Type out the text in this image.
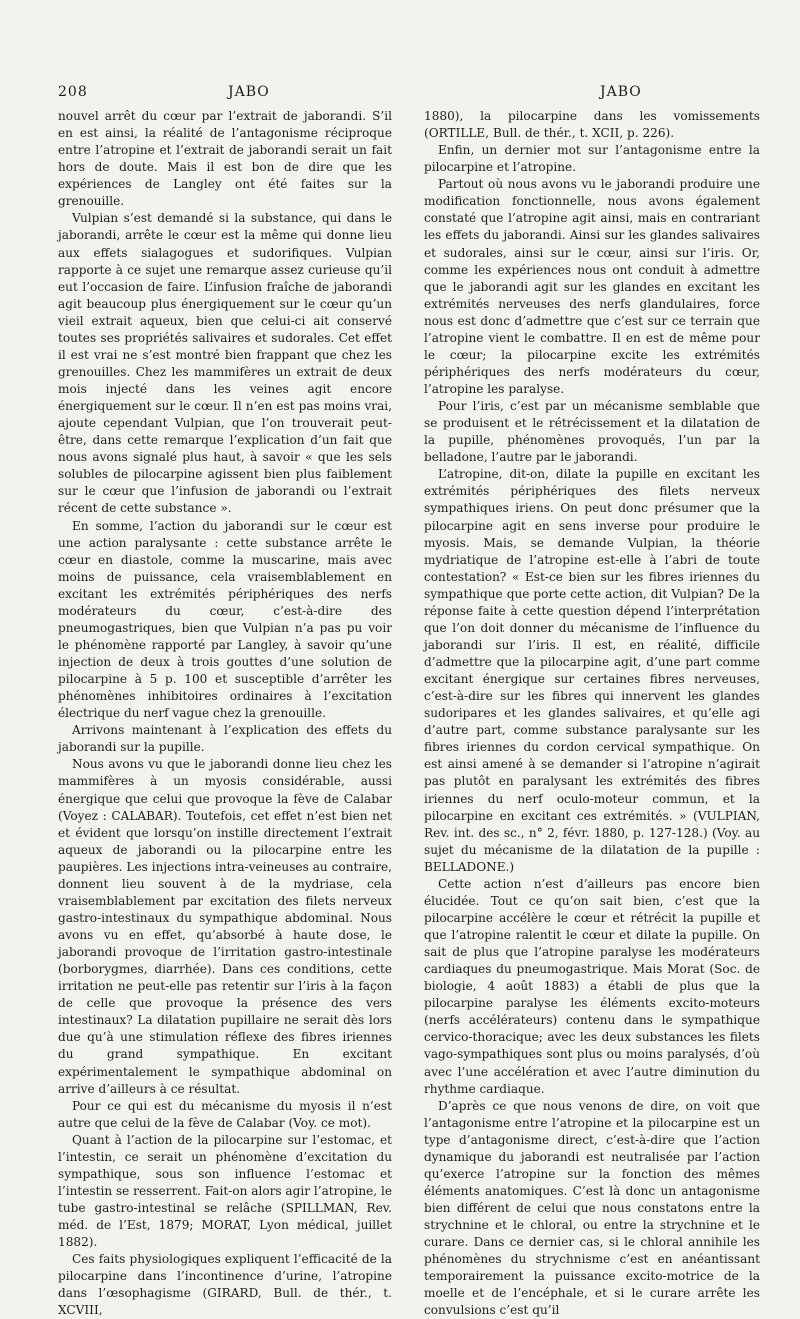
208	JABO	JABO

nouvel arrêt du cœur par l’extrait de jaborandi. S’il en est ainsi, la réalité de l’antagonisme réciproque entre l’atropine et l’extrait de jaborandi serait un fait hors de doute. Mais il est bon de dire que les expériences de Langley ont été faites sur la grenouille.

Vulpian s’est demandé si la substance, qui dans le jaborandi, arrête le cœur est la même qui donne lieu aux effets sialagogues et sudorifiques. Vulpian rapporte à ce sujet une remarque assez curieuse qu’il eut l’occasion de faire. L’infusion fraîche de jaborandi agit beaucoup plus énergiquement sur le cœur qu’un vieil extrait aqueux, bien que celui-ci ait conservé toutes ses propriétés salivaires et sudorales. Cet effet il est vrai ne s’est montré bien frappant que chez les grenouilles. Chez les mammifères un extrait de deux mois injecté dans les veines agit encore énergiquement sur le cœur. Il n’en est pas moins vrai, ajoute cependant Vulpian, que l’on trouverait peut-être, dans cette remarque l’explication d’un fait que nous avons signalé plus haut, à savoir « que les sels solubles de pilocarpine agissent bien plus faiblement sur le cœur que l’infusion de jaborandi ou l’extrait récent de cette substance ».

En somme, l’action du jaborandi sur le cœur est une action paralysante : cette substance arrête le cœur en diastole, comme la muscarine, mais avec moins de puissance, cela vraisemblablement en excitant les extrémités périphériques des nerfs modérateurs du cœur, c’est-à-dire des pneumogastriques, bien que Vulpian n’a pas pu voir le phénomène rapporté par Langley, à savoir qu’une injection de deux à trois gouttes d’une solution de pilocarpine à 5 p. 100 et susceptible d’arrêter les phénomènes inhibitoires ordinaires à l’excitation électrique du nerf vague chez la grenouille.

Arrivons maintenant à l’explication des effets du jaborandi sur la pupille.

Nous avons vu que le jaborandi donne lieu chez les mammifères à un myosis considérable, aussi énergique que celui que provoque la fève de Calabar (Voyez : CALABAR). Toutefois, cet effet n’est bien net et évident que lorsqu’on instille directement l’extrait aqueux de jaborandi ou la pilocarpine entre les paupières. Les injections intra-veineuses au contraire, donnent lieu souvent à de la mydriase, cela vraisemblablement par excitation des filets nerveux gastro-intestinaux du sympathique abdominal. Nous avons vu en effet, qu’absorbé à haute dose, le jaborandi provoque de l’irritation gastro-intestinale (borborygmes, diarrhée). Dans ces conditions, cette irritation ne peut-elle pas retentir sur l’iris à la façon de celle que provoque la présence des vers intestinaux? La dilatation pupillaire ne serait dès lors due qu’à une stimulation réflexe des fibres iriennes du grand sympathique. En excitant expérimentalement le sympathique abdominal on arrive d’ailleurs à ce résultat.

Pour ce qui est du mécanisme du myosis il n’est autre que celui de la fève de Calabar (Voy. ce mot).

Quant à l’action de la pilocarpine sur l’estomac, et l’intestin, ce serait un phénomène d’excitation du sympathique, sous son influence l’estomac et l’intestin se resserrent. Fait-on alors agir l’atropine, le tube gastro-intestinal se relâche (SPILLMAN, Rev. méd. de l’Est, 1879; MORAT, Lyon médical, juillet 1882).

Ces faits physiologiques expliquent l’efficacité de la pilocarpine dans l’incontinence d’urine, l’atropine dans l’œsophagisme (GIRARD, Bull. de thér., t. XCVIII,

1880), la pilocarpine dans les vomissements (ORTILLE, Bull. de thér., t. XCII, p. 226).

Enfin, un dernier mot sur l’antagonisme entre la pilocarpine et l’atropine.

Partout où nous avons vu le jaborandi produire une modification fonctionnelle, nous avons également constaté que l’atropine agit ainsi, mais en contrariant les effets du jaborandi. Ainsi sur les glandes salivaires et sudorales, ainsi sur le cœur, ainsi sur l’iris. Or, comme les expériences nous ont conduit à admettre que le jaborandi agit sur les glandes en excitant les extrémités nerveuses des nerfs glandulaires, force nous est donc d’admettre que c’est sur ce terrain que l’atropine vient le combattre. Il en est de même pour le cœur; la pilocarpine excite les extrémités périphériques des nerfs modérateurs du cœur, l’atropine les paralyse.

Pour l’iris, c’est par un mécanisme semblable que se produisent et le rétrécissement et la dilatation de la pupille, phénomènes provoqués, l’un par la belladone, l’autre par le jaborandi.

L’atropine, dit-on, dilate la pupille en excitant les extrémités périphériques des filets nerveux sympathiques iriens. On peut donc présumer que la pilocarpine agit en sens inverse pour produire le myosis. Mais, se demande Vulpian, la théorie mydriatique de l’atropine est-elle à l’abri de toute contestation? « Est-ce bien sur les fibres iriennes du sympathique que porte cette action, dit Vulpian? De la réponse faite à cette question dépend l’interprétation que l’on doit donner du mécanisme de l’influence du jaborandi sur l’iris. Il est, en réalité, difficile d’admettre que la pilocarpine agit, d’une part comme excitant énergique sur certaines fibres nerveuses, c’est-à-dire sur les fibres qui innervent les glandes sudoripares et les glandes salivaires, et qu’elle agi d’autre part, comme substance paralysante sur les fibres iriennes du cordon cervical sympathique. On est ainsi amené à se demander si l’atropine n’agirait pas plutôt en paralysant les extrémités des fibres iriennes du nerf oculo-moteur commun, et la pilocarpine en excitant ces extrémités. » (VULPIAN, Rev. int. des sc., n° 2, févr. 1880, p. 127-128.) (Voy. au sujet du mécanisme de la dilatation de la pupille : BELLADONE.)

Cette action n’est d’ailleurs pas encore bien élucidée. Tout ce qu’on sait bien, c’est que la pilocarpine accélère le cœur et rétrécit la pupille et que l’atropine ralentit le cœur et dilate la pupille. On sait de plus que l’atropine paralyse les modérateurs cardiaques du pneumogastrique. Mais Morat (Soc. de biologie, 4 août 1883) a établi de plus que la pilocarpine paralyse les éléments excito-moteurs (nerfs accélérateurs) contenu dans le sympathique cervico-thoracique; avec les deux substances les filets vago-sympathiques sont plus ou moins paralysés, d’où avec l’une accélération et avec l’autre diminution du rhythme cardiaque.

D’après ce que nous venons de dire, on voit que l’antagonisme entre l’atropine et la pilocarpine est un type d’antagonisme direct, c’est-à-dire que l’action dynamique du jaborandi est neutralisée par l’action qu’exerce l’atropine sur la fonction des mêmes éléments anatomiques. C’est là donc un antagonisme bien différent de celui que nous constatons entre la strychnine et le chloral, ou entre la strychnine et le curare. Dans ce dernier cas, si le chloral annihile les phénomènes du strychnisme c’est en anéantissant temporairement la puissance excito-motrice de la moelle et de l’encéphale, et si le curare arrête les convulsions c’est qu’il
